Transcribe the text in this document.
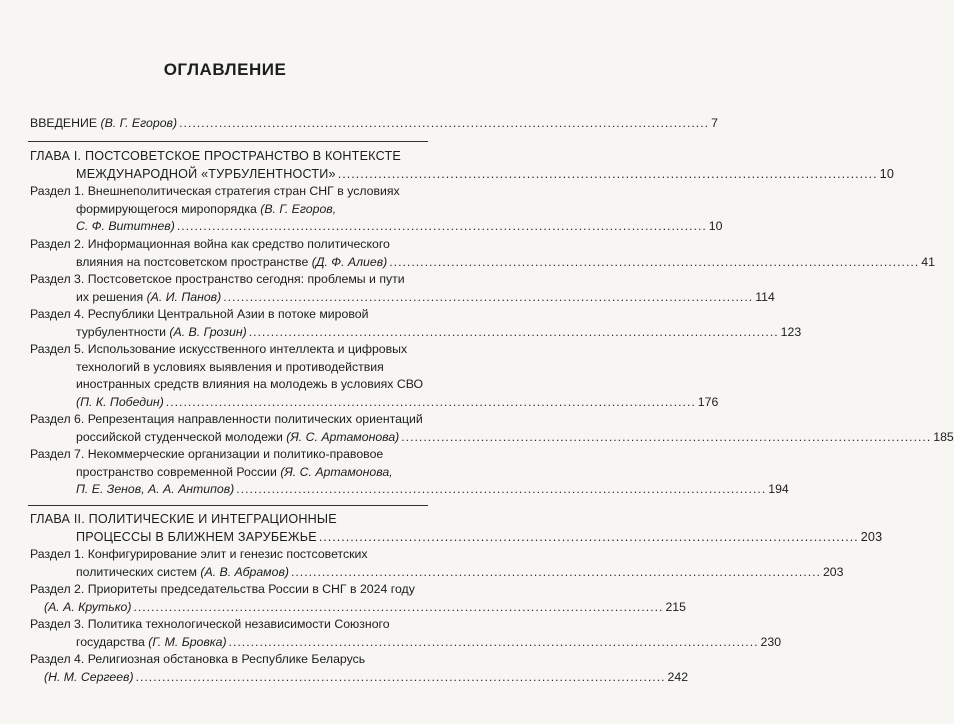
ОГЛАВЛЕНИЕ
ВВЕДЕНИЕ (В. Г. Егоров) ........................................................................................................................ 7
ГЛАВА I. ПОСТСОВЕТСКОЕ ПРОСТРАНСТВО В КОНТЕКСТЕ
МЕЖДУНАРОДНОЙ «ТУРБУЛЕНТНОСТИ» ........................................................................................................................ 10
Раздел 1. Внешнеполитическая стратегия стран СНГ в условиях
формирующегося миропорядка (В. Г. Егоров,
С. Ф. Вититнев) ........................................................................................................................ 10
Раздел 2. Информационная война как средство политического
влияния на постсоветском пространстве (Д. Ф. Алиев) ........................................................................................................................ 41
Раздел 3. Постсоветское пространство сегодня: проблемы и пути
их решения (А. И. Панов) ........................................................................................................................ 114
Раздел 4. Республики Центральной Азии в потоке мировой
турбулентности (А. В. Грозин) ........................................................................................................................ 123
Раздел 5. Использование искусственного интеллекта и цифровых
технологий в условиях выявления и противодействия
иностранных средств влияния на молодежь в условиях СВО
(П. К. Победин) ........................................................................................................................ 176
Раздел 6. Репрезентация направленности политических ориентаций
российской студенческой молодежи (Я. С. Артамонова) ........................................................................................................................ 185
Раздел 7. Некоммерческие организации и политико-правовое
пространство современной России (Я. С. Артамонова,
П. Е. Зенов, А. А. Антипов) ........................................................................................................................ 194
ГЛАВА II. ПОЛИТИЧЕСКИЕ И ИНТЕГРАЦИОННЫЕ
ПРОЦЕССЫ В БЛИЖНЕМ ЗАРУБЕЖЬЕ ........................................................................................................................ 203
Раздел 1. Конфигурирование элит и генезис постсоветских
политических систем (А. В. Абрамов) ........................................................................................................................ 203
Раздел 2. Приоритеты председательства России в СНГ в 2024 году
(А. А. Крутько) ........................................................................................................................ 215
Раздел 3. Политика технологической независимости Союзного
государства (Г. М. Бровка) ........................................................................................................................ 230
Раздел 4. Религиозная обстановка в Республике Беларусь
(Н. М. Сергеев) ........................................................................................................................ 242
